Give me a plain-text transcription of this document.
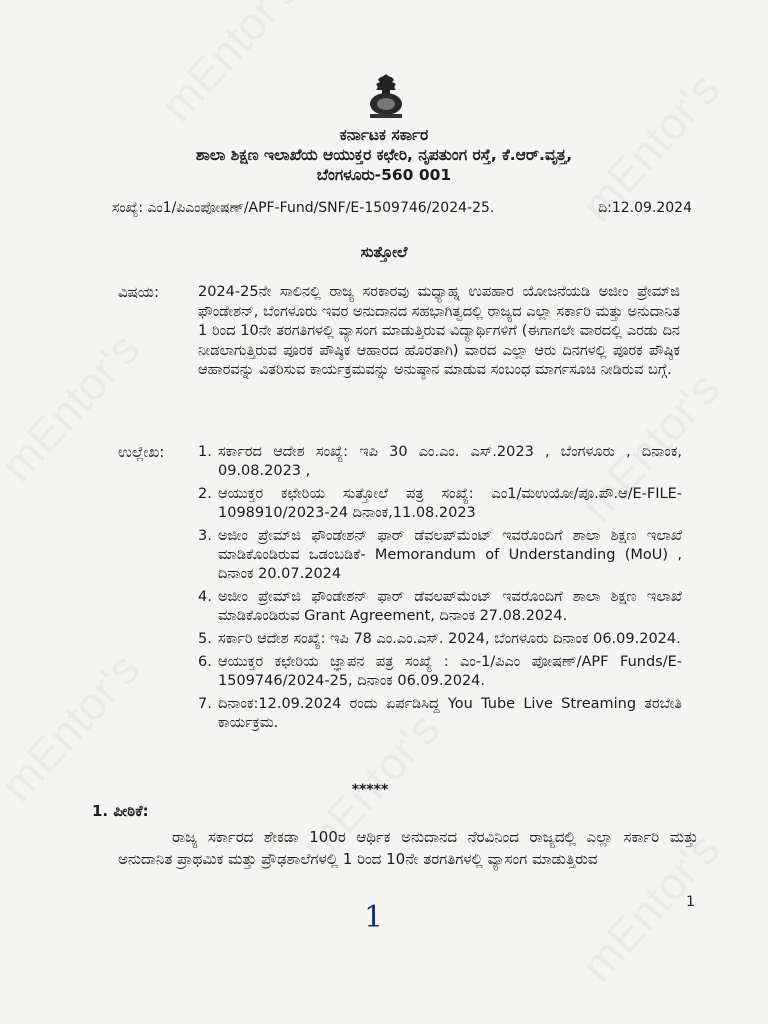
ಕರ್ನಾಟಕ ಸರ್ಕಾರ
ಶಾಲಾ ಶಿಕ್ಷಣ ಇಲಾಖೆಯ ಆಯುಕ್ತರ ಕಛೇರಿ, ನೃಪತುಂಗ ರಸ್ತೆ, ಕೆ.ಆರ್.ವೃತ್ತ,
ಬೆಂಗಳೂರು-560 001
ಸಂಖ್ಯೆ: ಎಂ1/ಪಿಎಂಪೋಷಣ್/APF-Fund/SNF/E-1509746/2024-25.	ದಿ:12.09.2024
ಸುತ್ತೋಲೆ
ವಿಷಯ:	2024-25ನೇ ಸಾಲಿನಲ್ಲಿ ರಾಜ್ಯ ಸರಕಾರವು ಮಧ್ಯಾಹ್ನ ಉಪಹಾರ ಯೋಜನೆಯಡಿ ಅಜೀಂ ಪ್ರೇಮ್‌ಜಿ ಫೌಂಡೇಶನ್, ಬೆಂಗಳೂರು ಇವರ ಅನುದಾನದ ಸಹಭಾಗಿತ್ವದಲ್ಲಿ ರಾಜ್ಯದ ಎಲ್ಲಾ ಸರ್ಕಾರಿ ಮತ್ತು ಅನುದಾನಿತ 1 ರಿಂದ 10ನೇ ತರಗತಿಗಳಲ್ಲಿ ವ್ಯಾಸಂಗ ಮಾಡುತ್ತಿರುವ ವಿದ್ಯಾರ್ಥಿಗಳಿಗೆ (ಈಗಾಗಲೇ ವಾರದಲ್ಲಿ ಎರಡು ದಿನ ನೀಡಲಾಗುತ್ತಿರುವ ಪೂರಕ ಪೌಷ್ಠಿಕ ಆಹಾರದ ಹೊರತಾಗಿ) ವಾರದ ಎಲ್ಲಾ ಆರು ದಿನಗಳಲ್ಲಿ ಪೂರಕ ಪೌಷ್ಠಿಕ ಆಹಾರವನ್ನು ವಿತರಿಸುವ ಕಾರ್ಯಕ್ರಮವನ್ನು ಅನುಷ್ಠಾನ ಮಾಡುವ ಸಂಬಂಧ ಮಾರ್ಗಸೂಚಿ ನೀಡಿರುವ ಬಗ್ಗೆ.
ಉಲ್ಲೇಖ: 1. ಸರ್ಕಾರದ ಆದೇಶ ಸಂಖ್ಯೆ: ಇಪಿ 30 ಎಂ.ಎಂ. ಎಸ್.2023 , ಬೆಂಗಳೂರು , ದಿನಾಂಕ, 09.08.2023 ,
2. ಆಯುಕ್ತರ ಕಛೇರಿಯ ಸುತ್ತೋಲೆ ಪತ್ರ ಸಂಖ್ಯೆ: ಎಂ1/ಮಉಯೋ/ಪೂ.ಪೌ.ಆ/E-FILE-1098910/2023-24 ದಿನಾಂಕ,11.08.2023
3. ಅಜೀಂ ಪ್ರೇಮ್‌ಜಿ ಫೌಂಡೇಶನ್ ಫಾರ್ ಡೆವಲಪ್‌ಮೆಂಟ್ ಇವರೊಂದಿಗೆ ಶಾಲಾ ಶಿಕ್ಷಣ ಇಲಾಖೆ ಮಾಡಿಕೊಂಡಿರುವ ಒಡಂಬಡಿಕೆ- Memorandum of Understanding (MoU) , ದಿನಾಂಕ 20.07.2024
4. ಅಜೀಂ ಪ್ರೇಮ್‌ಜಿ ಫೌಂಡೇಶನ್ ಫಾರ್ ಡೆವಲಪ್‌ಮೆಂಟ್ ಇವರೊಂದಿಗೆ ಶಾಲಾ ಶಿಕ್ಷಣ ಇಲಾಖೆ ಮಾಡಿಕೊಂಡಿರುವ Grant Agreement, ದಿನಾಂಕ 27.08.2024.
5. ಸರ್ಕಾರಿ ಆದೇಶ ಸಂಖ್ಯೆ: ಇಪಿ 78 ಎಂ.ಎಂ.ಎಸ್. 2024, ಬೆಂಗಳೂರು ದಿನಾಂಕ 06.09.2024.
6. ಆಯುಕ್ತರ ಕಛೇರಿಯ ಜ್ಞಾಪನ ಪತ್ರ ಸಂಖ್ಯೆ : ಎಂ-1/ಪಿಎಂ ಪೋಷಣ್/APF Funds/E-1509746/2024-25, ದಿನಾಂಕ 06.09.2024.
7. ದಿನಾಂಕ:12.09.2024 ರಂದು ಏರ್ಪಡಿಸಿದ್ದ You Tube Live Streaming ತರಬೇತಿ ಕಾರ್ಯಕ್ರಮ.
*****
1. ಪೀಠಿಕೆ:
ರಾಜ್ಯ ಸರ್ಕಾರದ ಶೇಕಡಾ 100ರ ಆರ್ಥಿಕ ಅನುದಾನದ ನೆರವಿನಿಂದ ರಾಜ್ಯದಲ್ಲಿ ಎಲ್ಲಾ ಸರ್ಕಾರಿ ಮತ್ತು ಅನುದಾನಿತ ಪ್ರಾಥಮಿಕ ಮತ್ತು ಪ್ರೌಢಶಾಲೆಗಳಲ್ಲಿ 1 ರಿಂದ 10ನೇ ತರಗತಿಗಳಲ್ಲಿ ವ್ಯಾಸಂಗ ಮಾಡುತ್ತಿರುವ
1	1
